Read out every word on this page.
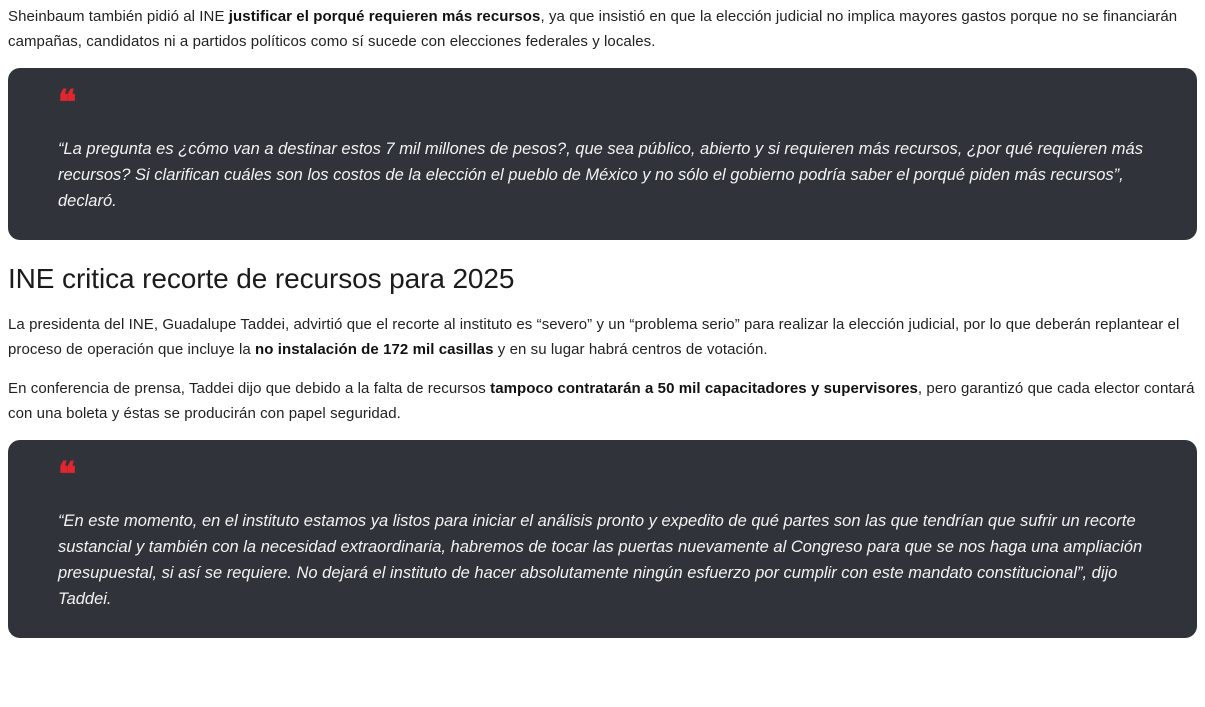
Sheinbaum también pidió al INE justificar el porqué requieren más recursos, ya que insistió en que la elección judicial no implica mayores gastos porque no se financiarán campañas, candidatos ni a partidos políticos como sí sucede con elecciones federales y locales.

❝

“La pregunta es ¿cómo van a destinar estos 7 mil millones de pesos?, que sea público, abierto y si requieren más recursos, ¿por qué requieren más recursos? Si clarifican cuáles son los costos de la elección el pueblo de México y no sólo el gobierno podría saber el porqué piden más recursos”, declaró.

INE critica recorte de recursos para 2025

La presidenta del INE, Guadalupe Taddei, advirtió que el recorte al instituto es “severo” y un “problema serio” para realizar la elección judicial, por lo que deberán replantear el proceso de operación que incluye la no instalación de 172 mil casillas y en su lugar habrá centros de votación.

En conferencia de prensa, Taddei dijo que debido a la falta de recursos tampoco contratarán a 50 mil capacitadores y supervisores, pero garantizó que cada elector contará con una boleta y éstas se producirán con papel seguridad.

❝

“En este momento, en el instituto estamos ya listos para iniciar el análisis pronto y expedito de qué partes son las que tendrían que sufrir un recorte sustancial y también con la necesidad extraordinaria, habremos de tocar las puertas nuevamente al Congreso para que se nos haga una ampliación presupuestal, si así se requiere. No dejará el instituto de hacer absolutamente ningún esfuerzo por cumplir con este mandato constitucional”, dijo Taddei.
